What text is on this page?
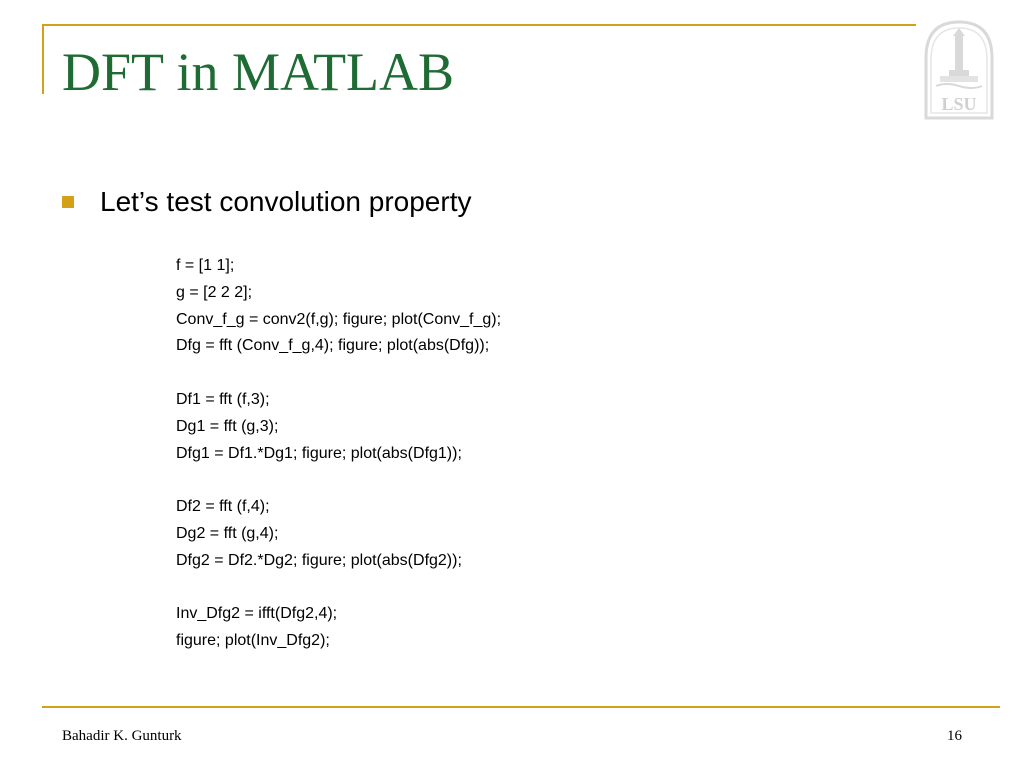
DFT in MATLAB
LSU
Let’s test convolution property
f = [1 1];
g = [2 2 2];
Conv_f_g = conv2(f,g); figure; plot(Conv_f_g);
Dfg = fft (Conv_f_g,4); figure; plot(abs(Dfg));
Df1 = fft (f,3);
Dg1 = fft (g,3);
Dfg1 = Df1.*Dg1; figure; plot(abs(Dfg1));
Df2 = fft (f,4);
Dg2 = fft (g,4);
Dfg2 = Df2.*Dg2; figure; plot(abs(Dfg2));
Inv_Dfg2 = ifft(Dfg2,4);
figure; plot(Inv_Dfg2);
Bahadir K. Gunturk	16
